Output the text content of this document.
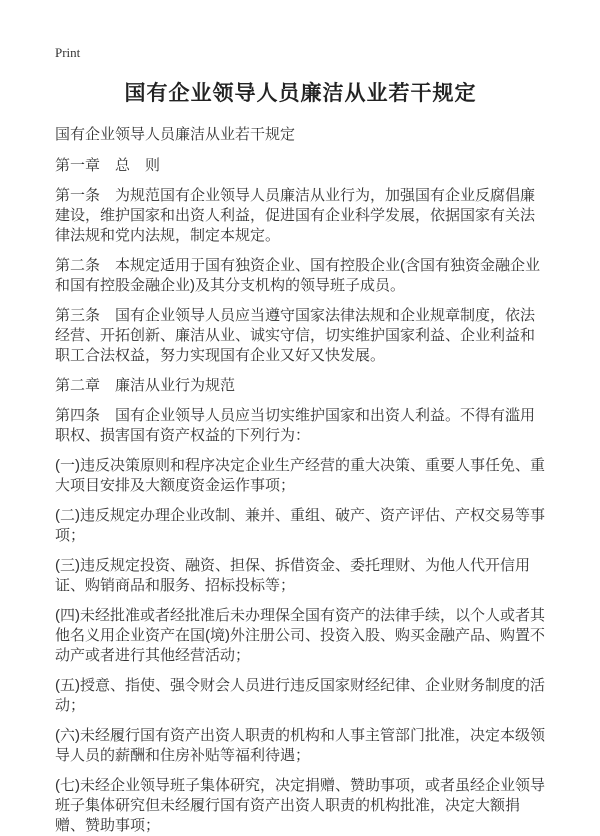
Print
国有企业领导人员廉洁从业若干规定

国有企业领导人员廉洁从业若干规定

第一章　总　则

第一条　为规范国有企业领导人员廉洁从业行为，加强国有企业反腐倡廉建设，维护国家和出资人利益，促进国有企业科学发展，依据国家有关法律法规和党内法规，制定本规定。

第二条　本规定适用于国有独资企业、国有控股企业(含国有独资金融企业和国有控股金融企业)及其分支机构的领导班子成员。

第三条　国有企业领导人员应当遵守国家法律法规和企业规章制度，依法经营、开拓创新、廉洁从业、诚实守信，切实维护国家利益、企业利益和职工合法权益，努力实现国有企业又好又快发展。

第二章　廉洁从业行为规范

第四条　国有企业领导人员应当切实维护国家和出资人利益。不得有滥用职权、损害国有资产权益的下列行为：

(一)违反决策原则和程序决定企业生产经营的重大决策、重要人事任免、重大项目安排及大额度资金运作事项；

(二)违反规定办理企业改制、兼并、重组、破产、资产评估、产权交易等事项；

(三)违反规定投资、融资、担保、拆借资金、委托理财、为他人代开信用证、购销商品和服务、招标投标等；

(四)未经批准或者经批准后未办理保全国有资产的法律手续，以个人或者其他名义用企业资产在国(境)外注册公司、投资入股、购买金融产品、购置不动产或者进行其他经营活动；

(五)授意、指使、强令财会人员进行违反国家财经纪律、企业财务制度的活动；

(六)未经履行国有资产出资人职责的机构和人事主管部门批准，决定本级领导人员的薪酬和住房补贴等福利待遇；

(七)未经企业领导班子集体研究，决定捐赠、赞助事项，或者虽经企业领导班子集体研究但未经履行国有资产出资人职责的机构批准，决定大额捐赠、赞助事项；
